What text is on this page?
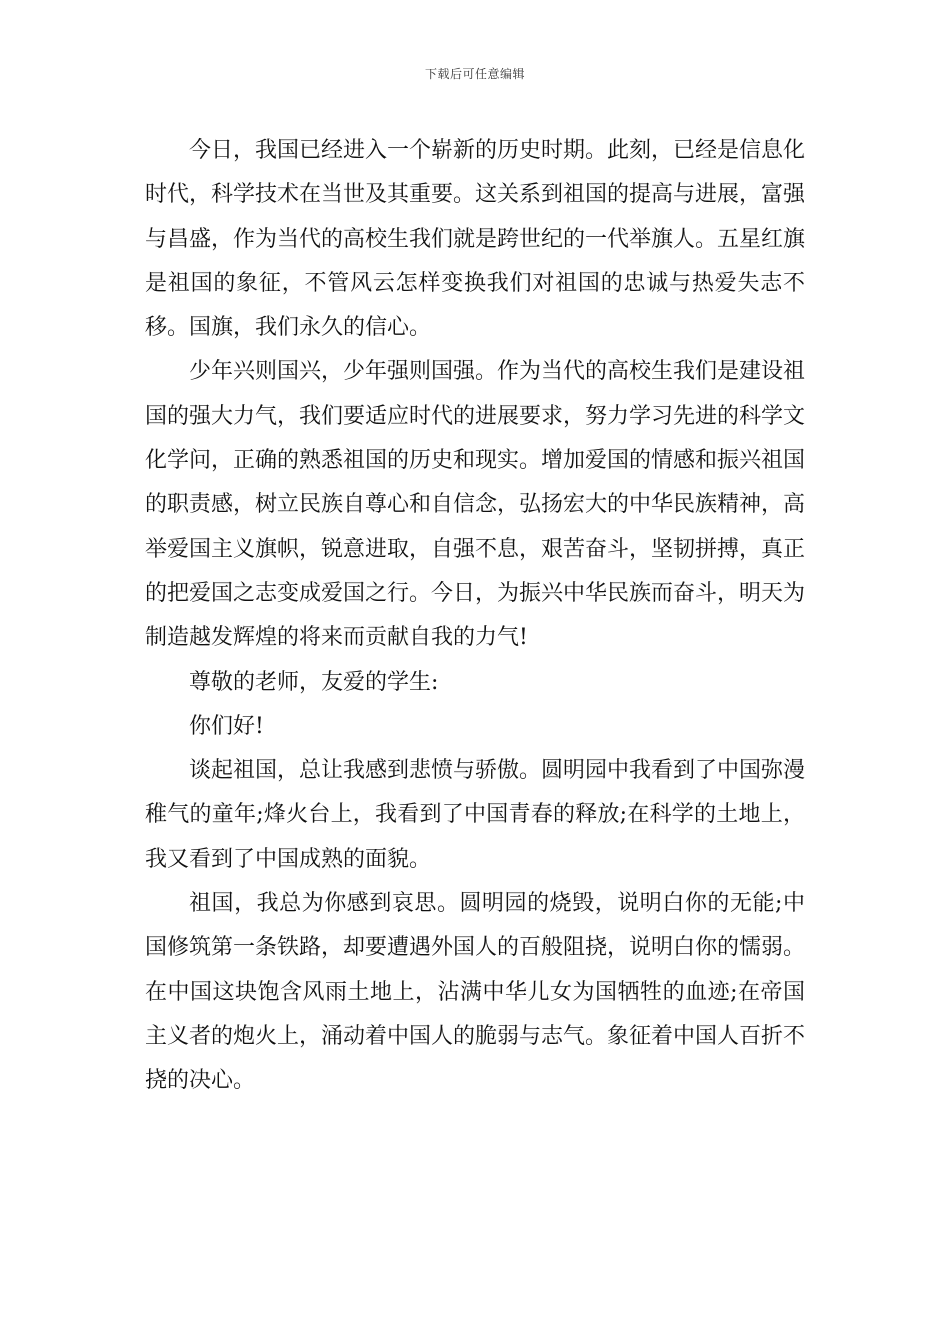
下载后可任意编辑

今日，我国已经进入一个崭新的历史时期。此刻，已经是信息化时代，科学技术在当世及其重要。这关系到祖国的提高与进展，富强与昌盛，作为当代的高校生我们就是跨世纪的一代举旗人。五星红旗是祖国的象征，不管风云怎样变换我们对祖国的忠诚与热爱失志不移。国旗，我们永久的信心。

少年兴则国兴，少年强则国强。作为当代的高校生我们是建设祖国的强大力气，我们要适应时代的进展要求，努力学习先进的科学文化学问，正确的熟悉祖国的历史和现实。增加爱国的情感和振兴祖国的职责感，树立民族自尊心和自信念，弘扬宏大的中华民族精神，高举爱国主义旗帜，锐意进取，自强不息，艰苦奋斗，坚韧拼搏，真正的把爱国之志变成爱国之行。今日，为振兴中华民族而奋斗，明天为制造越发辉煌的将来而贡献自我的力气!

尊敬的老师，友爱的学生:

你们好!

谈起祖国，总让我感到悲愤与骄傲。圆明园中我看到了中国弥漫稚气的童年;烽火台上，我看到了中国青春的释放;在科学的土地上，我又看到了中国成熟的面貌。

祖国，我总为你感到哀思。圆明园的烧毁，说明白你的无能;中国修筑第一条铁路，却要遭遇外国人的百般阻挠，说明白你的懦弱。在中国这块饱含风雨土地上，沾满中华儿女为国牺牲的血迹;在帝国主义者的炮火上，涌动着中国人的脆弱与志气。象征着中国人百折不挠的决心。
